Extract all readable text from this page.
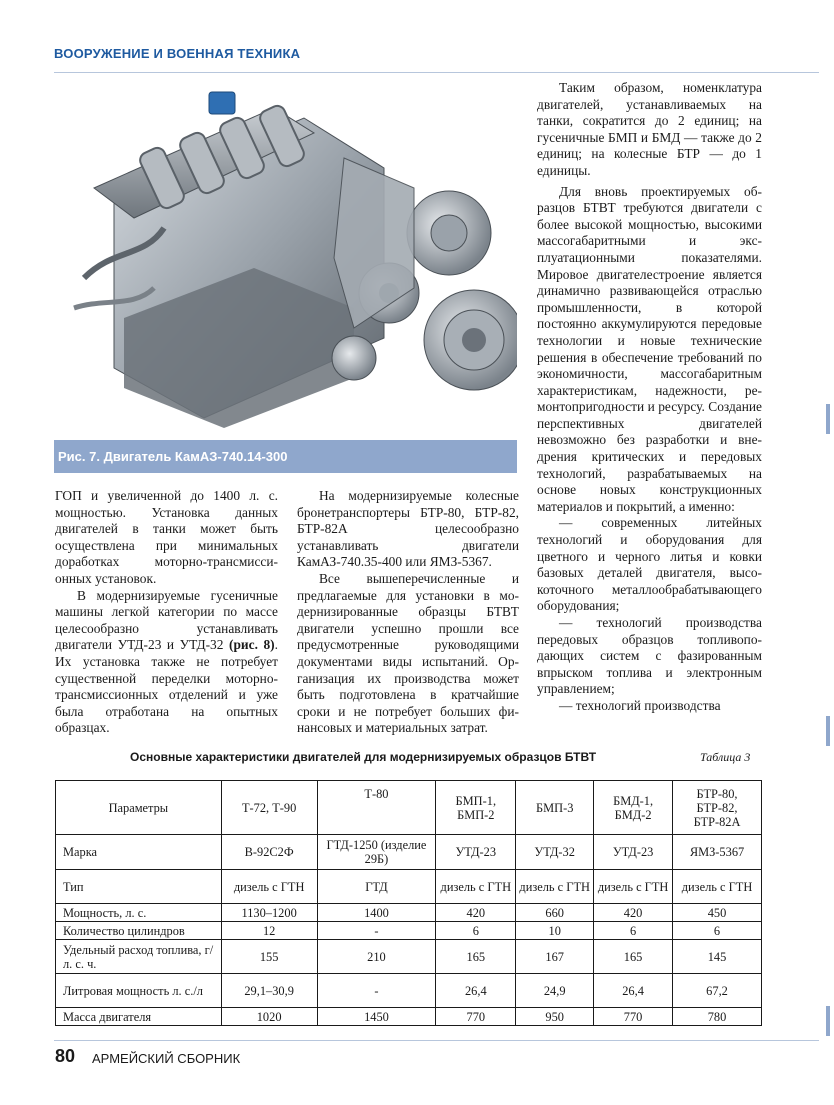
ВООРУЖЕНИЕ И ВОЕННАЯ ТЕХНИКА
Рис. 7. Двигатель КамАЗ-740.14-300

ГОП и увеличенной до 1400 л. с. мощностью. Установка данных двигателей в танки может быть осуществлена при минимальных доработках моторно-трансмиссионных установок.

В модернизируемые гусеничные машины легкой категории по массе целесообразно устанавливать двигатели УТД-23 и УТД-32 (рис. 8). Их установка также не потребует существенной переделки моторно-трансмиссионных отделений и уже была отработана на опытных образцах.

На модернизируемые колесные бронетранспортеры БТР-80, БТР-82, БТР-82А целесообразно устанавливать двигатели КамАЗ-740.35-400 или ЯМЗ-5367.

Все вышеперечисленные и предлагаемые для установки в модернизированные образцы БТВТ двигатели успешно прошли все предусмотренные руководящими документами виды испытаний. Организация их производства может быть подготовлена в кратчайшие сроки и не потребует больших финансовых и материальных затрат.

Таким образом, номенклатура двигателей, устанавливаемых на танки, сократится до 2 единиц; на гусеничные БМП и БМД — также до 2 единиц; на колесные БТР — до 1 единицы.

Для вновь проектируемых образцов БТВТ требуются двигатели с более высокой мощностью, высокими массогабаритными и эксплуатационными показателями. Мировое двигателестроение является динамично развивающейся отраслью промышленности, в которой постоянно аккумулируются передовые технологии и новые технические решения в обеспечение требований по экономичности, массогабаритным характеристикам, надежности, ремонтопригодности и ресурсу. Создание перспективных двигателей невозможно без разработки и внедрения критических и передовых технологий, разрабатываемых на основе новых конструкционных материалов и покрытий, а именно:

— современных литейных технологий и оборудования для цветного и черного литья и ковки базовых деталей двигателя, высокоточного металлообрабатывающего оборудования;

— технологий производства передовых образцов топливоподающих систем с фазированным впрыском топлива и электронным управлением;

— технологий производства

Основные характеристики двигателей для модернизируемых образцов БТВТ	Таблица 3
Параметры	Т-72, Т-90	Т-80	БМП-1, БМП-2	БМП-3	БМД-1, БМД-2	БТР-80, БТР-82, БТР-82А
Марка	В-92С2Ф	ГТД-1250 (изделие 29Б)	УТД-23	УТД-32	УТД-23	ЯМЗ-5367
Тип	дизель с ГТН	ГТД	дизель с ГТН	дизель с ГТН	дизель с ГТН	дизель с ГТН
Мощность, л. с.	1130–1200	1400	420	660	420	450
Количество цилиндров	12	-	6	10	6	6
Удельный расход топлива, г/л. с. ч.	155	210	165	167	165	145
Литровая мощность л. с./л	29,1–30,9	-	26,4	24,9	26,4	67,2
Масса двигателя	1020	1450	770	950	770	780
80 АРМЕЙСКИЙ СБОРНИК
